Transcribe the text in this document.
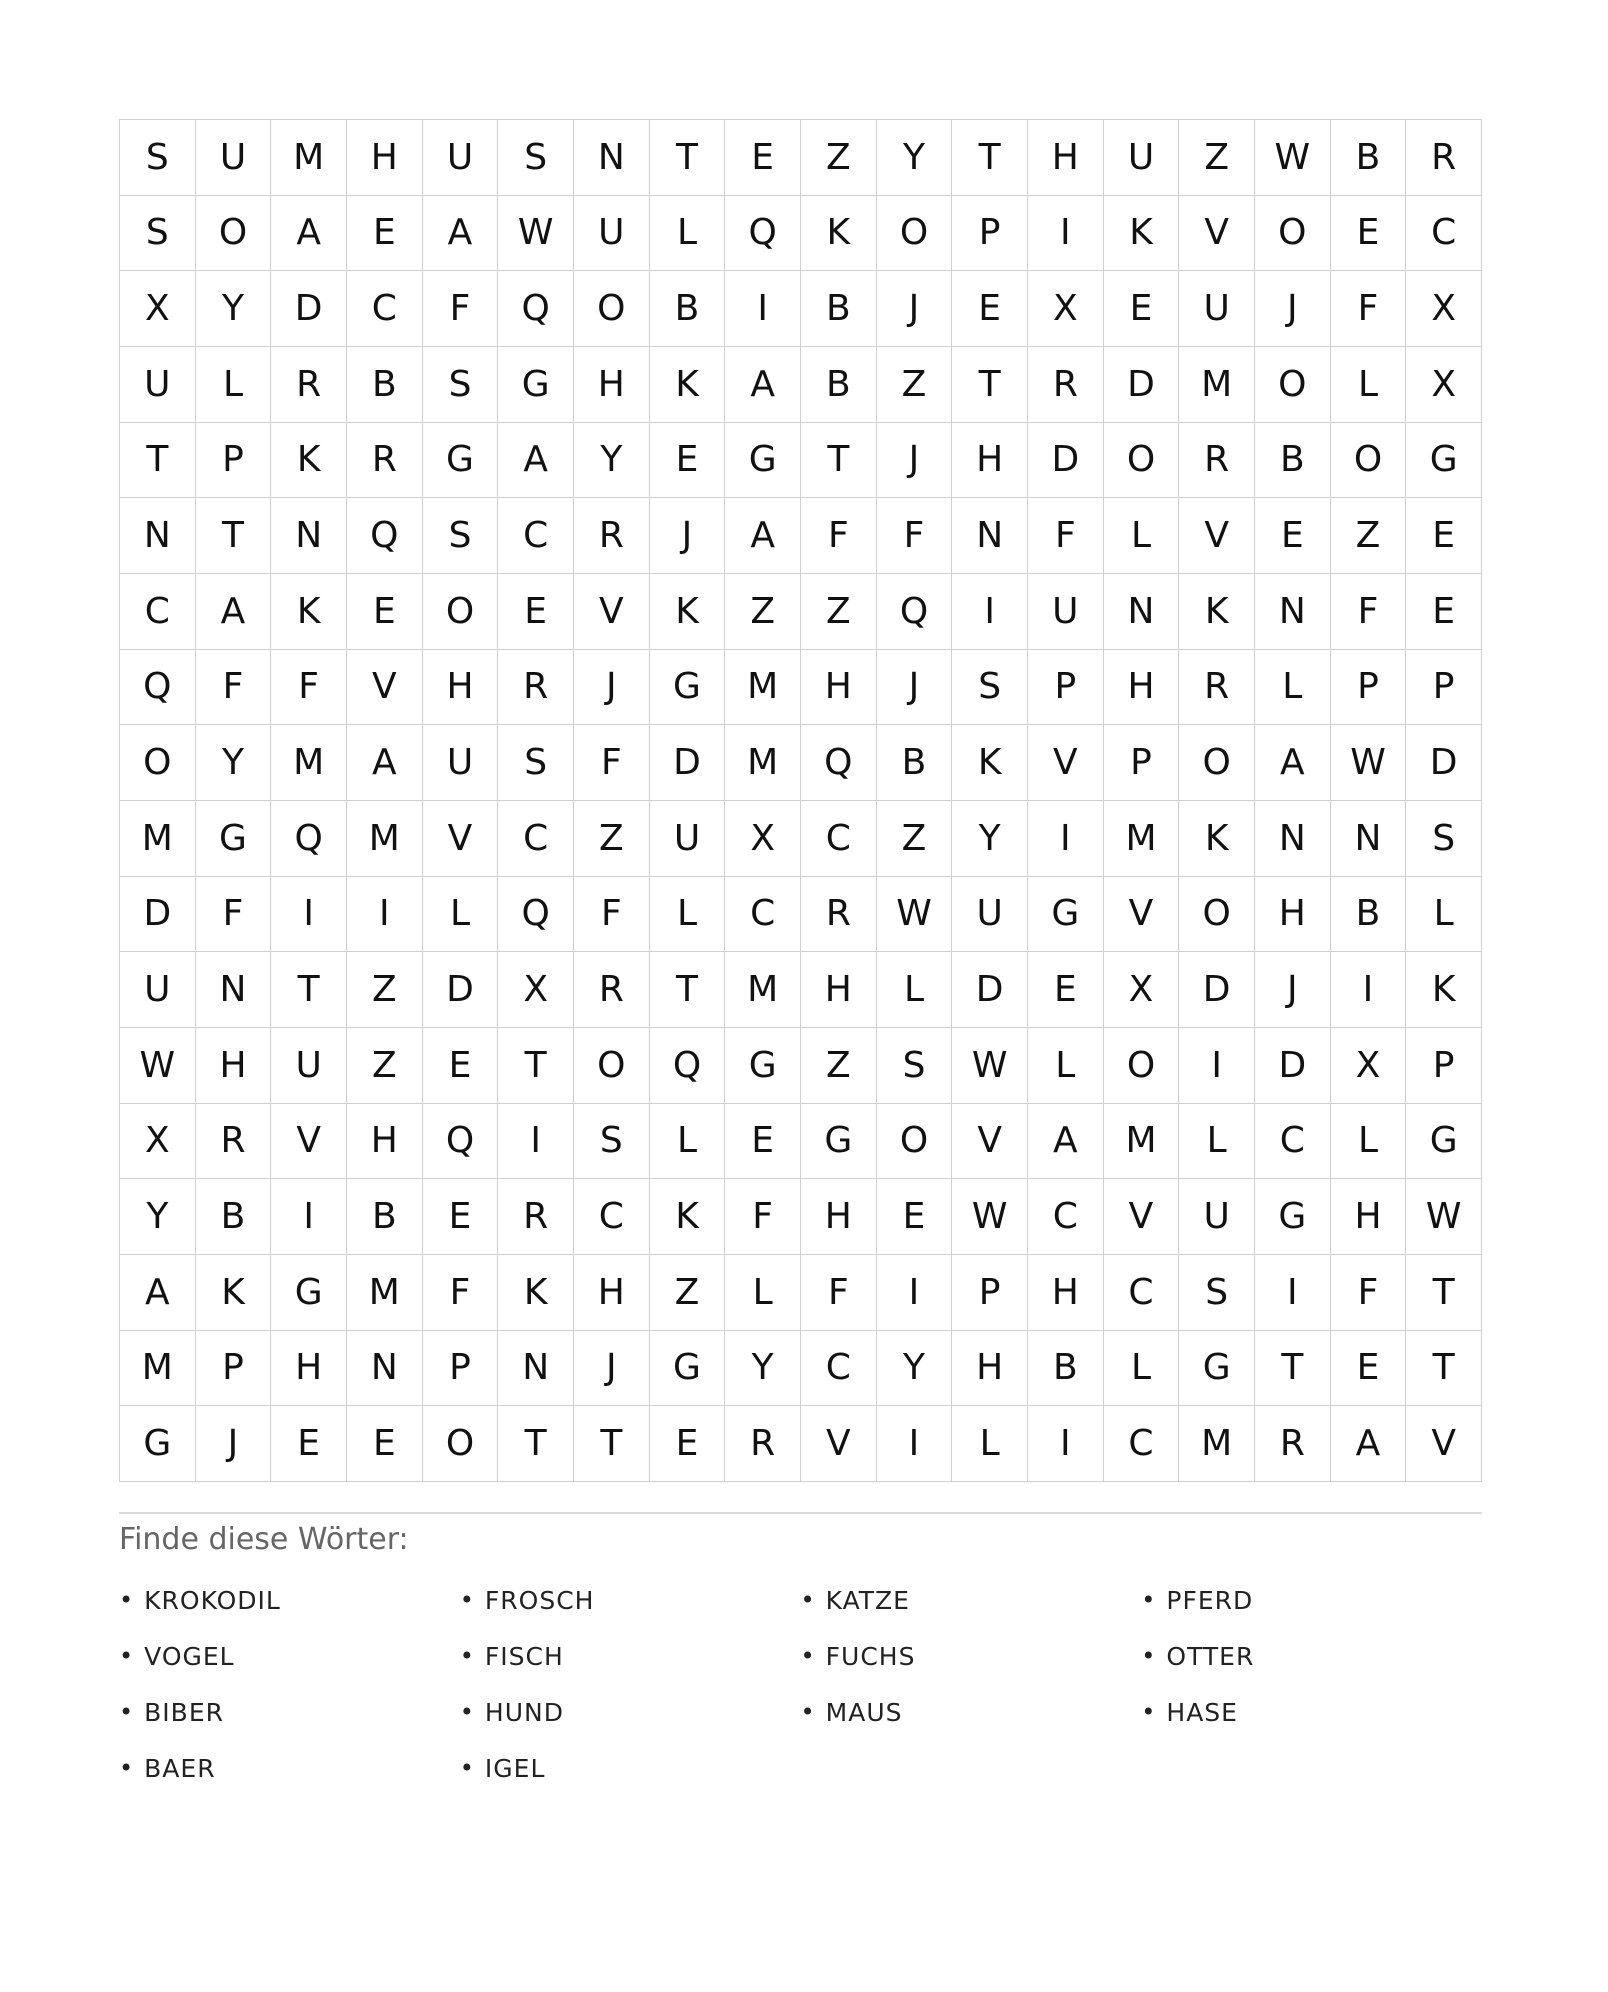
S	U	M	H	U	S	N	T	E	Z	Y	T	H	U	Z	W	B	R
S	O	A	E	A	W	U	L	Q	K	O	P	I	K	V	O	E	C
X	Y	D	C	F	Q	O	B	I	B	J	E	X	E	U	J	F	X
U	L	R	B	S	G	H	K	A	B	Z	T	R	D	M	O	L	X
T	P	K	R	G	A	Y	E	G	T	J	H	D	O	R	B	O	G
N	T	N	Q	S	C	R	J	A	F	F	N	F	L	V	E	Z	E
C	A	K	E	O	E	V	K	Z	Z	Q	I	U	N	K	N	F	E
Q	F	F	V	H	R	J	G	M	H	J	S	P	H	R	L	P	P
O	Y	M	A	U	S	F	D	M	Q	B	K	V	P	O	A	W	D
M	G	Q	M	V	C	Z	U	X	C	Z	Y	I	M	K	N	N	S
D	F	I	I	L	Q	F	L	C	R	W	U	G	V	O	H	B	L
U	N	T	Z	D	X	R	T	M	H	L	D	E	X	D	J	I	K
W	H	U	Z	E	T	O	Q	G	Z	S	W	L	O	I	D	X	P
X	R	V	H	Q	I	S	L	E	G	O	V	A	M	L	C	L	G
Y	B	I	B	E	R	C	K	F	H	E	W	C	V	U	G	H	W
A	K	G	M	F	K	H	Z	L	F	I	P	H	C	S	I	F	T
M	P	H	N	P	N	J	G	Y	C	Y	H	B	L	G	T	E	T
G	J	E	E	O	T	T	E	R	V	I	L	I	C	M	R	A	V
Finde diese Wörter:
• KROKODIL	• FROSCH	• KATZE	• PFERD
• VOGEL	• FISCH	• FUCHS	• OTTER
• BIBER	• HUND	• MAUS	• HASE
• BAER	• IGEL
